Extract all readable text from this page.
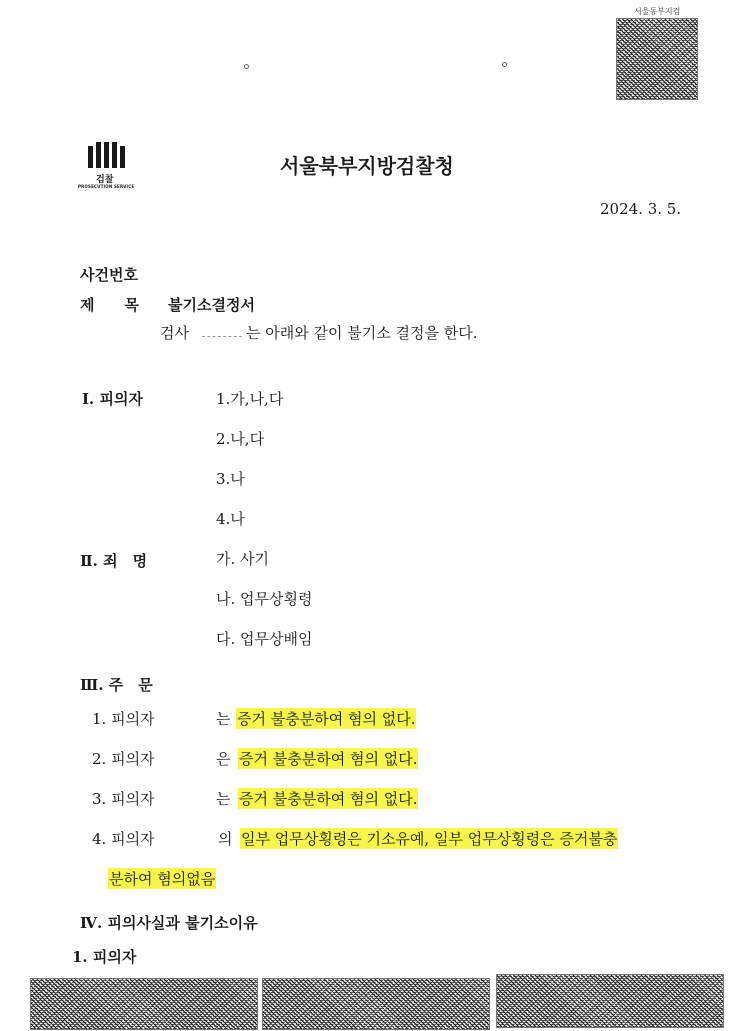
서울동부지검
검찰
PROSECUTION SERVICE
서울북부지방검찰청
2024. 3. 5.
사건번호
제　　목 불기소결정서
검사	는 아래와 같이 불기소 결정을 한다.
Ⅰ. 피의자	1.가,나,다
2.나,다
3.나
4.나
Ⅱ. 죄　명	가. 사기
나. 업무상횡령
다. 업무상배임
Ⅲ. 주　문
1. 피의자	는 증거 불충분하여 혐의 없다.
2. 피의자	은 증거 불충분하여 혐의 없다.
3. 피의자	는 증거 불충분하여 혐의 없다.
4. 피의자	의 일부 업무상횡령은 기소유예, 일부 업무상횡령은 증거불충
분하여 혐의없음
Ⅳ. 피의사실과 불기소이유
1. 피의자
